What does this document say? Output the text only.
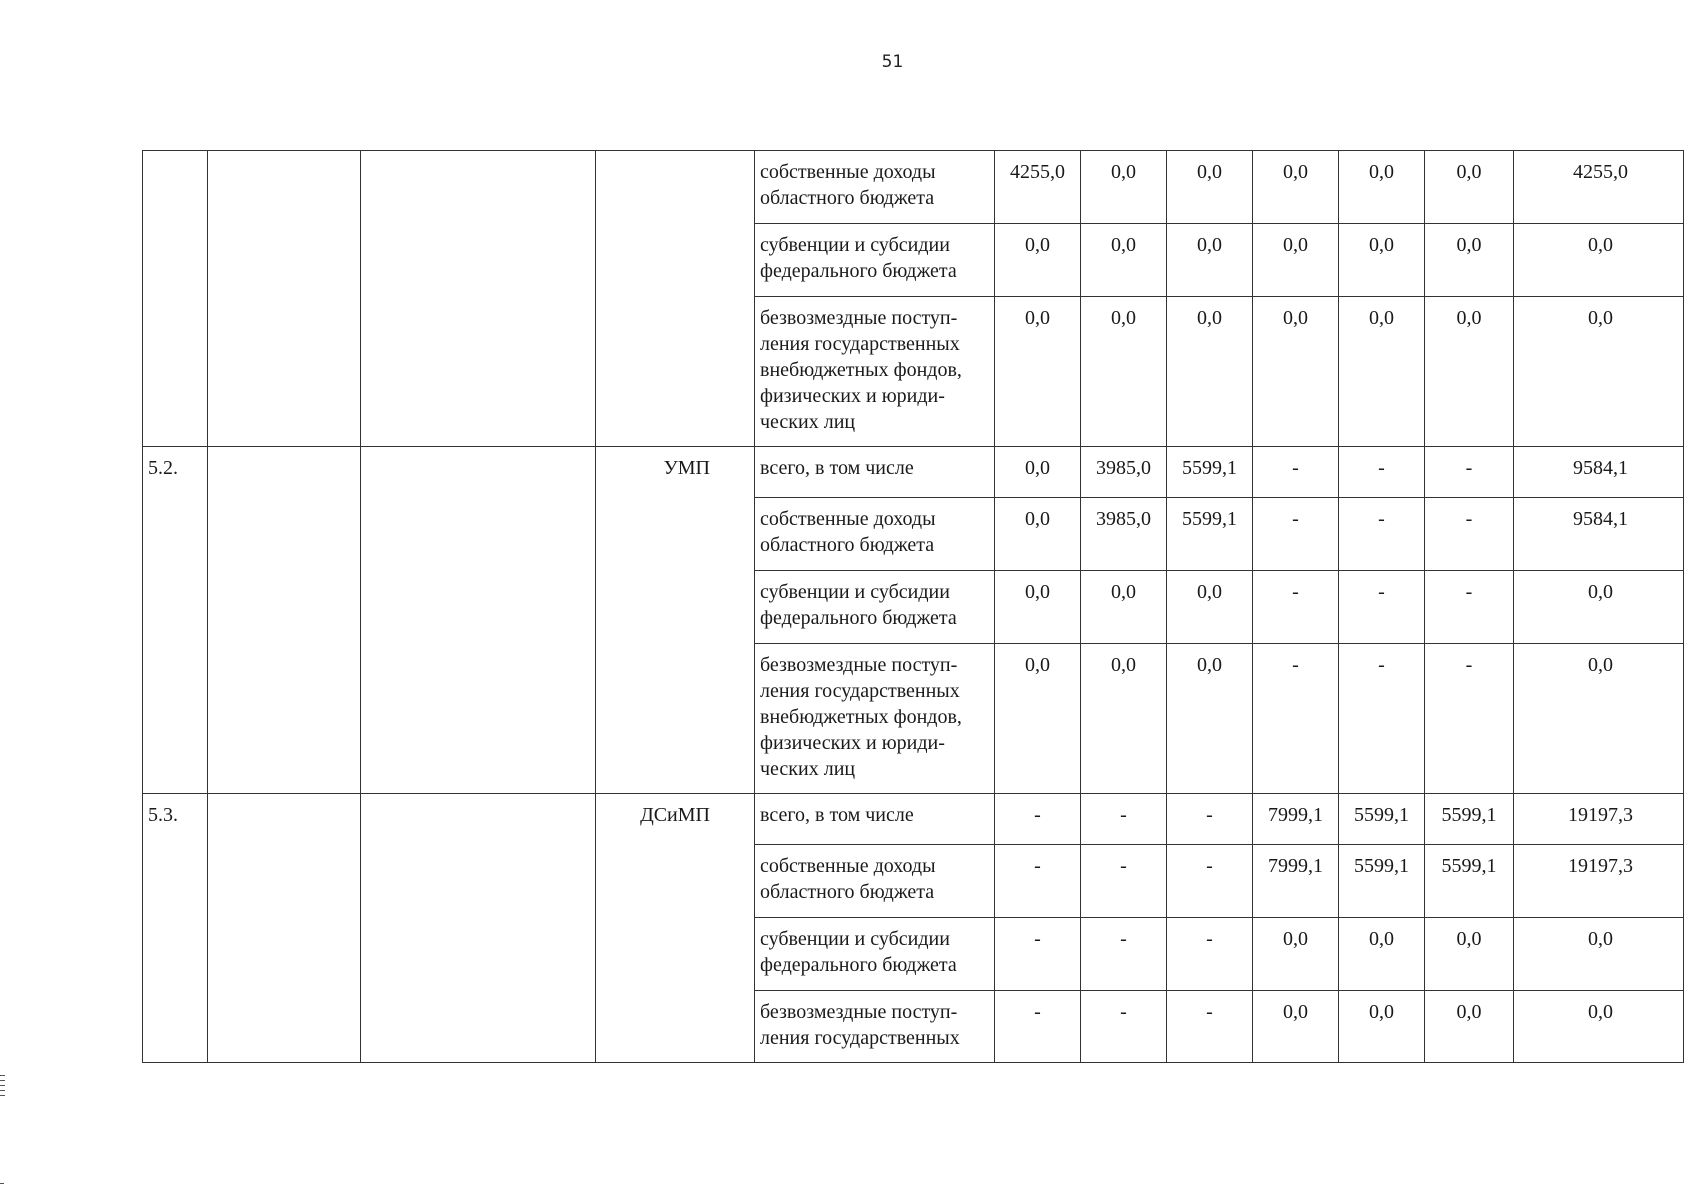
51
				собственные доходы областного бюджета	4255,0	0,0	0,0	0,0	0,0	0,0	4255,0
				субвенции и субсидии федерального бюджета	0,0	0,0	0,0	0,0	0,0	0,0	0,0
				безвозмездные поступ-ления государственных внебюджетных фондов, физических и юриди-ческих лиц	0,0	0,0	0,0	0,0	0,0	0,0	0,0
5.2.			УМП	всего, в том числе	0,0	3985,0	5599,1	-	-	-	9584,1
				собственные доходы областного бюджета	0,0	3985,0	5599,1	-	-	-	9584,1
				субвенции и субсидии федерального бюджета	0,0	0,0	0,0	-	-	-	0,0
				безвозмездные поступ-ления государственных внебюджетных фондов, физических и юриди-ческих лиц	0,0	0,0	0,0	-	-	-	0,0
5.3.			ДСиМП	всего, в том числе	-	-	-	7999,1	5599,1	5599,1	19197,3
				собственные доходы областного бюджета	-	-	-	7999,1	5599,1	5599,1	19197,3
				субвенции и субсидии федерального бюджета	-	-	-	0,0	0,0	0,0	0,0
				безвозмездные поступ-ления государственных	-	-	-	0,0	0,0	0,0	0,0
